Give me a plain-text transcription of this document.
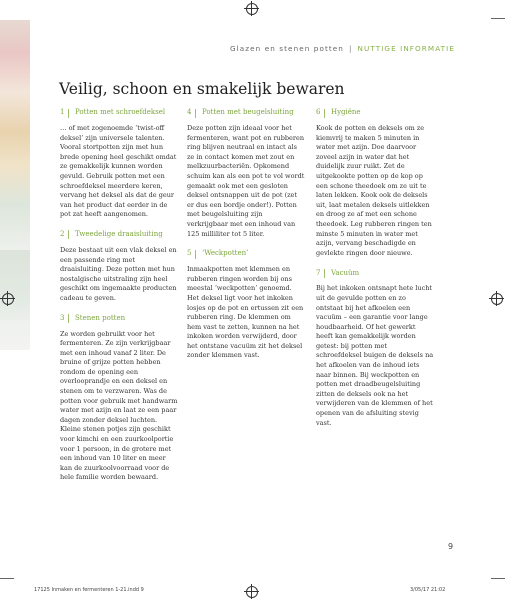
Glazen en stenen potten | NUTTIGE INFORMATIE
Veilig, schoon en smakelijk bewaren
1	Potten met schroefdeksel

… of met zogenoemde ‘twist-off deksel’ zijn universele talenten. Vooral stortpotten zijn met hun brede opening heel geschikt omdat ze gemakkelijk kunnen worden gevuld. Gebruik potten met een schroefdeksel meerdere keren, vervang het deksel als dat de geur van het product dat eerder in de pot zat heeft aangenomen.

2	Tweedelige draaisluiting

Deze bestaat uit een vlak deksel en een passende ring met draaisluiting. Deze potten met hun nostalgische uitstraling zijn heel geschikt om ingemaakte producten cadeau te geven.

3	Stenen potten

Ze worden gebruikt voor het fermenteren. Ze zijn verkrijgbaar met een inhoud vanaf 2 liter. De bruine of grijze potten hebben rondom de opening een overlooprandje en een deksel en stenen om te verzwaren. Was de potten voor gebruik met handwarm water met azijn en laat ze een paar dagen zonder deksel luchten. Kleine stenen potjes zijn geschikt voor kimchi en een zuurkoolportie voor 1 persoon, in de grotere met een inhoud van 10 liter en meer kan de zuurkoolvoorraad voor de hele familie worden bewaard.

4	Potten met beugelsluiting

Deze potten zijn ideaal voor het fermenteren, want pot en rubberen ring blijven neutraal en intact als ze in contact komen met zout en melkzuurbacteriën. Opkomend schuim kan als een pot te vol wordt gemaakt ook met een gesloten deksel ontsnappen uit de pot (zet er dus een bordje onder!). Potten met beugelsluiting zijn verkrijgbaar met een inhoud van 125 milliliter tot 5 liter.

5	‘Weckpotten’

Inmaakpotten met klemmen en rubberen ringen worden bij ons meestal ‘weckpotten’ genoemd. Het deksel ligt voor het inkoken losjes op de pot en ertussen zit een rubberen ring. De klemmen om hem vast te zetten, kunnen na het inkoken worden verwijderd, door het ontstane vacuüm zit het deksel zonder klemmen vast.

6	Hygiëne

Kook de potten en deksels om ze kiemvrij te maken 5 minuten in water met azijn. Doe daarvoor zoveel azijn in water dat het duidelijk zuur ruikt. Zet de uitgekookte potten op de kop op een schone theedoek om ze uit te laten lekken. Kook ook de deksels uit, laat metalen deksels uitlekken en droog ze af met een schone theedoek. Leg rubberen ringen ten minste 5 minuten in water met azijn, vervang beschadigde en gevlekte ringen door nieuwe.

7	Vacuüm

Bij het inkoken ontsnapt hete lucht uit de gevulde potten en zo ontstaat bij het afkoelen een vacuüm – een garantie voor lange houdbaarheid. Of het gewerkt heeft kan gemakkelijk worden getest: bij potten met schroefdeksel buigen de deksels na het afkoelen van de inhoud iets naar binnen. Bij weckpotten en potten met draadbeugelsluiting zitten de deksels ook na het verwijderen van de klemmen of het openen van de afsluiting stevig vast.

9
17125 Inmaken en fermenteren 1-21.indd 9	3/05/17 21:02
